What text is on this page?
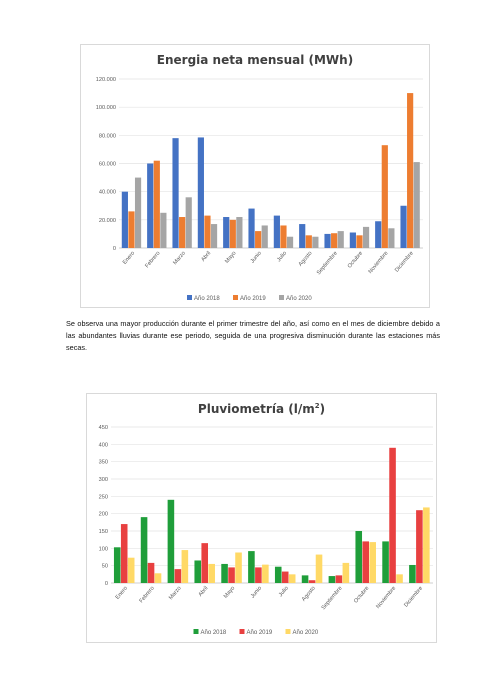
Energia neta mensual (MWh)
0
20.000
40.000
60.000
80.000
100.000
120.000
Enero Febrero Marzo Abril Mayo Junio Julio Agosto Septiembre Octubre Noviembre Diciembre
Año 2018	Año 2019	Año 2020
Se observa una mayor producción durante el primer trimestre del año, así como en el mes de diciembre debido a las abundantes lluvias durante ese periodo, seguida de una progresiva disminución durante las estaciones más secas.
Pluviometría $(l/m^2)$
0
50
100
150
200
250
300
350
400
450
Enero Febrero Marzo	Abril Mayo Junio	Julio Agosto Septiembre Octubre Noviembre Diciembre
Año 2018	Año 2019	Año 2020
